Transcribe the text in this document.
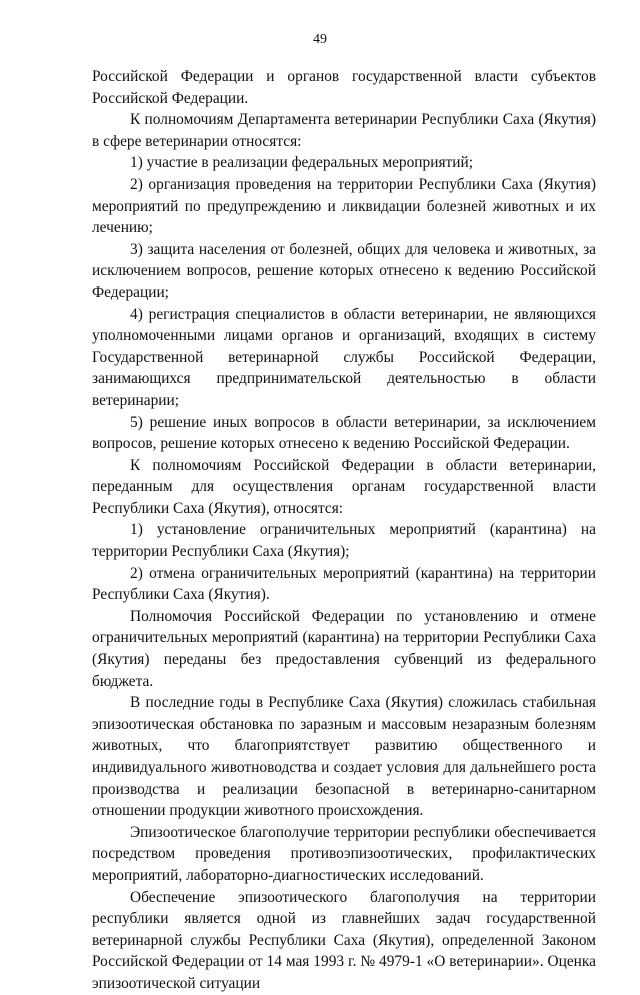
49

Российской Федерации и органов государственной власти субъектов Российской Федерации.

К полномочиям Департамента ветеринарии Республики Саха (Якутия) в сфере ветеринарии относятся:

1) участие в реализации федеральных мероприятий;

2) организация проведения на территории Республики Саха (Якутия) мероприятий по предупреждению и ликвидации болезней животных и их лечению;

3) защита населения от болезней, общих для человека и животных, за исключением вопросов, решение которых отнесено к ведению Российской Федерации;

4) регистрация специалистов в области ветеринарии, не являющихся уполномоченными лицами органов и организаций, входящих в систему Государственной ветеринарной службы Российской Федерации, занимающихся предпринимательской деятельностью в области ветеринарии;

5) решение иных вопросов в области ветеринарии, за исключением вопросов, решение которых отнесено к ведению Российской Федерации.

К полномочиям Российской Федерации в области ветеринарии, переданным для осуществления органам государственной власти Республики Саха (Якутия), относятся:

1) установление ограничительных мероприятий (карантина) на территории Республики Саха (Якутия);

2) отмена ограничительных мероприятий (карантина) на территории Республики Саха (Якутия).

Полномочия Российской Федерации по установлению и отмене ограничительных мероприятий (карантина) на территории Республики Саха (Якутия) переданы без предоставления субвенций из федерального бюджета.

В последние годы в Республике Саха (Якутия) сложилась стабильная эпизоотическая обстановка по заразным и массовым незаразным болезням животных, что благоприятствует развитию общественного и индивидуального животноводства и создает условия для дальнейшего роста производства и реализации безопасной в ветеринарно-санитарном отношении продукции животного происхождения.

Эпизоотическое благополучие территории республики обеспечивается посредством проведения противоэпизоотических, профилактических мероприятий, лабораторно-диагностических исследований.

Обеспечение эпизоотического благополучия на территории республики является одной из главнейших задач государственной ветеринарной службы Республики Саха (Якутия), определенной Законом Российской Федерации от 14 мая 1993 г. № 4979-1 «О ветеринарии». Оценка эпизоотической ситуации
